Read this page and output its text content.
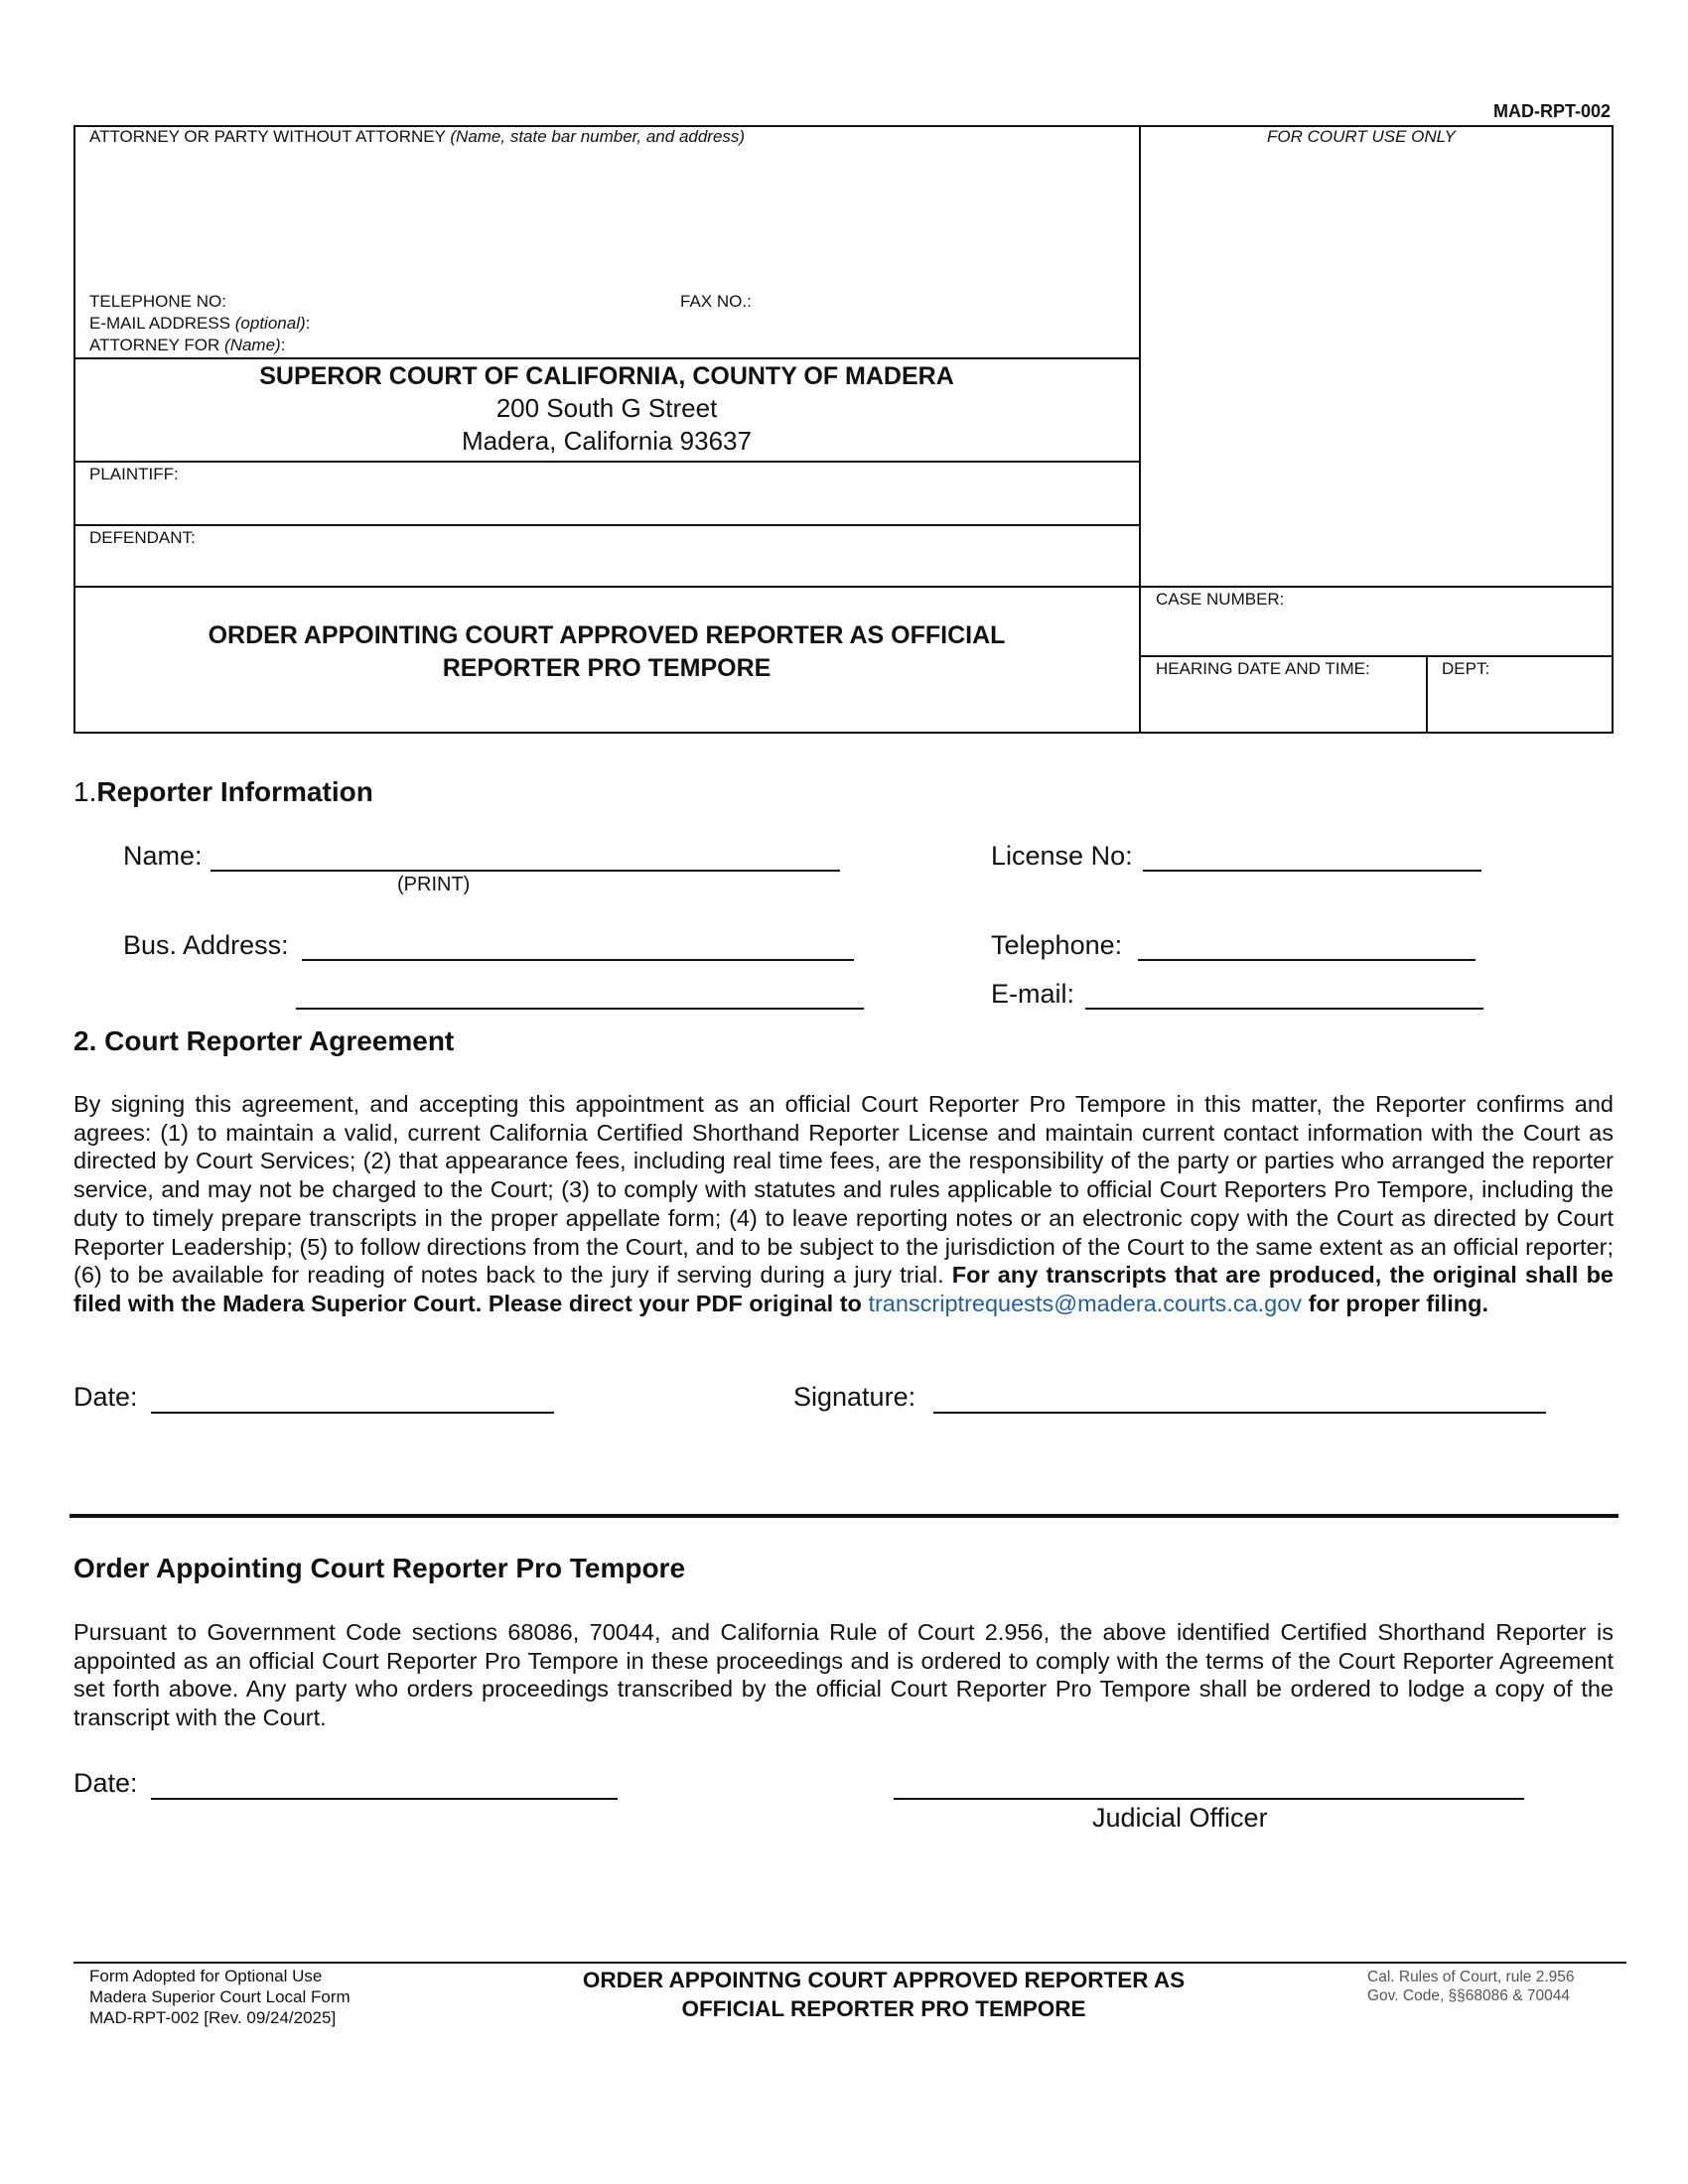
MAD-RPT-002
ATTORNEY OR PARTY WITHOUT ATTORNEY (Name, state bar number, and address)	FOR COURT USE ONLY
TELEPHONE NO:	FAX NO.:
E-MAIL ADDRESS (optional):
ATTORNEY FOR (Name):
SUPEROR COURT OF CALIFORNIA, COUNTY OF MADERA
200 South G Street
Madera, California 93637
PLAINTIFF:
DEFENDANT:
ORDER APPOINTING COURT APPROVED REPORTER AS OFFICIAL
REPORTER PRO TEMPORE
CASE NUMBER:
HEARING DATE AND TIME:	DEPT:
1.Reporter Information
Name:
(PRINT)
License No:
Bus. Address:	Telephone:
E-mail:
2. Court Reporter Agreement
By signing this agreement, and accepting this appointment as an official Court Reporter Pro Tempore in this matter, the Reporter confirms and agrees: (1) to maintain a valid, current California Certified Shorthand Reporter License and maintain current contact information with the Court as directed by Court Services; (2) that appearance fees, including real time fees, are the responsibility of the party or parties who arranged the reporter service, and may not be charged to the Court; (3) to comply with statutes and rules applicable to official Court Reporters Pro Tempore, including the duty to timely prepare transcripts in the proper appellate form; (4) to leave reporting notes or an electronic copy with the Court as directed by Court Reporter Leadership; (5) to follow directions from the Court, and to be subject to the jurisdiction of the Court to the same extent as an official reporter; (6) to be available for reading of notes back to the jury if serving during a jury trial. For any transcripts that are produced, the original shall be filed with the Madera Superior Court. Please direct your PDF original to transcriptrequests@madera.courts.ca.gov for proper filing.
Date:	Signature:
Order Appointing Court Reporter Pro Tempore
Pursuant to Government Code sections 68086, 70044, and California Rule of Court 2.956, the above identified Certified Shorthand Reporter is appointed as an official Court Reporter Pro Tempore in these proceedings and is ordered to comply with the terms of the Court Reporter Agreement set forth above. Any party who orders proceedings transcribed by the official Court Reporter Pro Tempore shall be ordered to lodge a copy of the transcript with the Court.
Date:
Judicial Officer
Form Adopted for Optional Use
Madera Superior Court Local Form
MAD-RPT-002 [Rev. 09/24/2025]
ORDER APPOINTNG COURT APPROVED REPORTER AS
OFFICIAL REPORTER PRO TEMPORE
Cal. Rules of Court, rule 2.956
Gov. Code, §§68086 & 70044
